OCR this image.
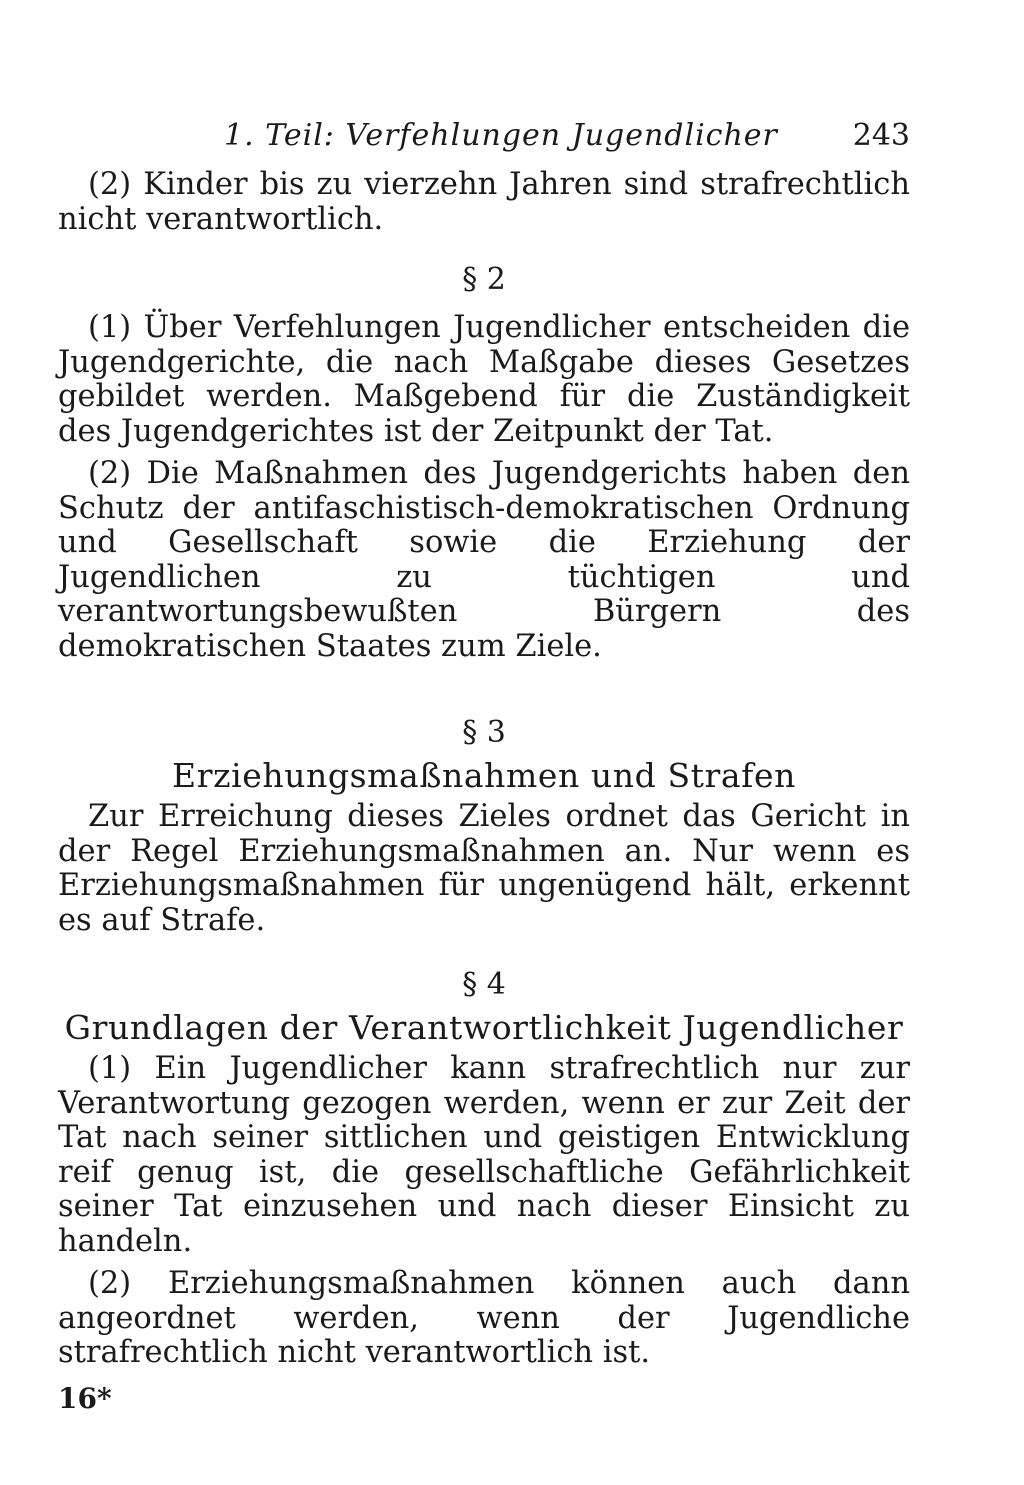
1. Teil: Verfehlungen Jugendlicher 243

(2) Kinder bis zu vierzehn Jahren sind strafrechtlich nicht verantwortlich.

§ 2

(1) Über Verfehlungen Jugendlicher entscheiden die Jugendgerichte, die nach Maßgabe dieses Gesetzes gebildet werden. Maßgebend für die Zuständigkeit des Jugendgerichtes ist der Zeitpunkt der Tat.

(2) Die Maßnahmen des Jugendgerichts haben den Schutz der antifaschistisch-demokratischen Ordnung und Gesellschaft sowie die Erziehung der Jugendlichen zu tüchtigen und verantwortungsbewußten Bürgern des demokratischen Staates zum Ziele.

§ 3
Erziehungsmaßnahmen und Strafen

Zur Erreichung dieses Zieles ordnet das Gericht in der Regel Erziehungsmaßnahmen an. Nur wenn es Erziehungsmaßnahmen für ungenügend hält, erkennt es auf Strafe.

§ 4
Grundlagen der Verantwortlichkeit Jugendlicher

(1) Ein Jugendlicher kann strafrechtlich nur zur Verantwortung gezogen werden, wenn er zur Zeit der Tat nach seiner sittlichen und geistigen Entwicklung reif genug ist, die gesellschaftliche Gefährlichkeit seiner Tat einzusehen und nach dieser Einsicht zu handeln.

(2) Erziehungsmaßnahmen können auch dann angeordnet werden, wenn der Jugendliche strafrechtlich nicht verantwortlich ist.

16*
